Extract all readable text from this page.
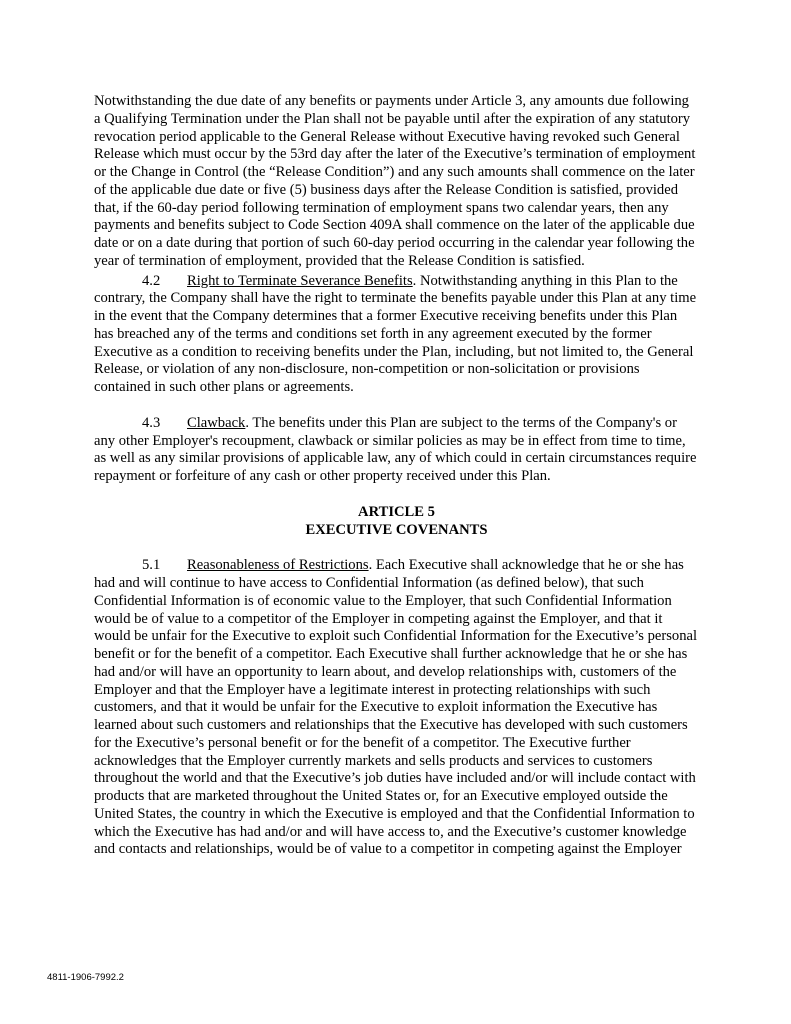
Notwithstanding the due date of any benefits or payments under Article 3, any amounts due following a Qualifying Termination under the Plan shall not be payable until after the expiration of any statutory revocation period applicable to the General Release without Executive having revoked such General Release which must occur by the 53rd day after the later of the Executive’s termination of employment or the Change in Control (the “Release Condition”) and any such amounts shall commence on the later of the applicable due date or five (5) business days after the Release Condition is satisfied, provided that, if the 60-day period following termination of employment spans two calendar years, then any payments and benefits subject to Code Section 409A shall commence on the later of the applicable due date or on a date during that portion of such 60-day period occurring in the calendar year following the year of termination of employment, provided that the Release Condition is satisfied.

4.2 Right to Terminate Severance Benefits. Notwithstanding anything in this Plan to the contrary, the Company shall have the right to terminate the benefits payable under this Plan at any time in the event that the Company determines that a former Executive receiving benefits under this Plan has breached any of the terms and conditions set forth in any agreement executed by the former Executive as a condition to receiving benefits under the Plan, including, but not limited to, the General Release, or violation of any non-disclosure, non-competition or non-solicitation or provisions contained in such other plans or agreements.

4.3 Clawback. The benefits under this Plan are subject to the terms of the Company's or any other Employer's recoupment, clawback or similar policies as may be in effect from time to time, as well as any similar provisions of applicable law, any of which could in certain circumstances require repayment or forfeiture of any cash or other property received under this Plan.

ARTICLE 5

EXECUTIVE COVENANTS

5.1 Reasonableness of Restrictions. Each Executive shall acknowledge that he or she has had and will continue to have access to Confidential Information (as defined below), that such Confidential Information is of economic value to the Employer, that such Confidential Information would be of value to a competitor of the Employer in competing against the Employer, and that it would be unfair for the Executive to exploit such Confidential Information for the Executive’s personal benefit or for the benefit of a competitor. Each Executive shall further acknowledge that he or she has had and/or will have an opportunity to learn about, and develop relationships with, customers of the Employer and that the Employer have a legitimate interest in protecting relationships with such customers, and that it would be unfair for the Executive to exploit information the Executive has learned about such customers and relationships that the Executive has developed with such customers for the Executive’s personal benefit or for the benefit of a competitor. The Executive further acknowledges that the Employer currently markets and sells products and services to customers throughout the world and that the Executive’s job duties have included and/or will include contact with products that are marketed throughout the United States or, for an Executive employed outside the United States, the country in which the Executive is employed and that the Confidential Information to which the Executive has had and/or and will have access to, and the Executive’s customer knowledge and contacts and relationships, would be of value to a competitor in competing against the Employer

4811-1906-7992.2
